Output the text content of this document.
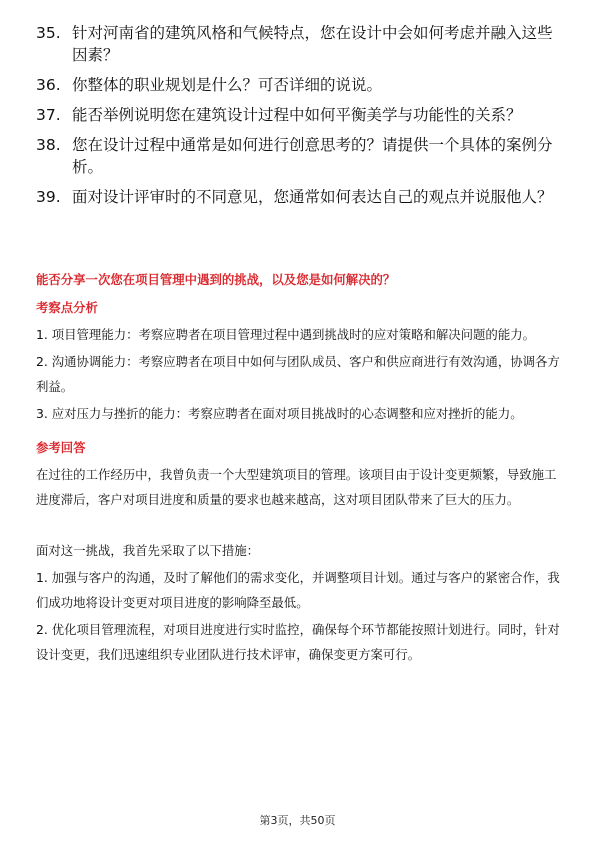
35. 针对河南省的建筑风格和气候特点，您在设计中会如何考虑并融入这些因素？
36. 你整体的职业规划是什么？可否详细的说说。
37. 能否举例说明您在建筑设计过程中如何平衡美学与功能性的关系？
38. 您在设计过程中通常是如何进行创意思考的？请提供一个具体的案例分析。
39. 面对设计评审时的不同意见，您通常如何表达自己的观点并说服他人？
能否分享一次您在项目管理中遇到的挑战，以及您是如何解决的？
考察点分析
1. 项目管理能力：考察应聘者在项目管理过程中遇到挑战时的应对策略和解决问题的能力。
2. 沟通协调能力：考察应聘者在项目中如何与团队成员、客户和供应商进行有效沟通，协调各方利益。
3. 应对压力与挫折的能力：考察应聘者在面对项目挑战时的心态调整和应对挫折的能力。
参考回答
在过往的工作经历中，我曾负责一个大型建筑项目的管理。该项目由于设计变更频繁，导致施工进度滞后，客户对项目进度和质量的要求也越来越高，这对项目团队带来了巨大的压力。
面对这一挑战，我首先采取了以下措施：
1. 加强与客户的沟通，及时了解他们的需求变化，并调整项目计划。通过与客户的紧密合作，我们成功地将设计变更对项目进度的影响降至最低。
2. 优化项目管理流程，对项目进度进行实时监控，确保每个环节都能按照计划进行。同时，针对设计变更，我们迅速组织专业团队进行技术评审，确保变更方案可行。
第3页，共50页
